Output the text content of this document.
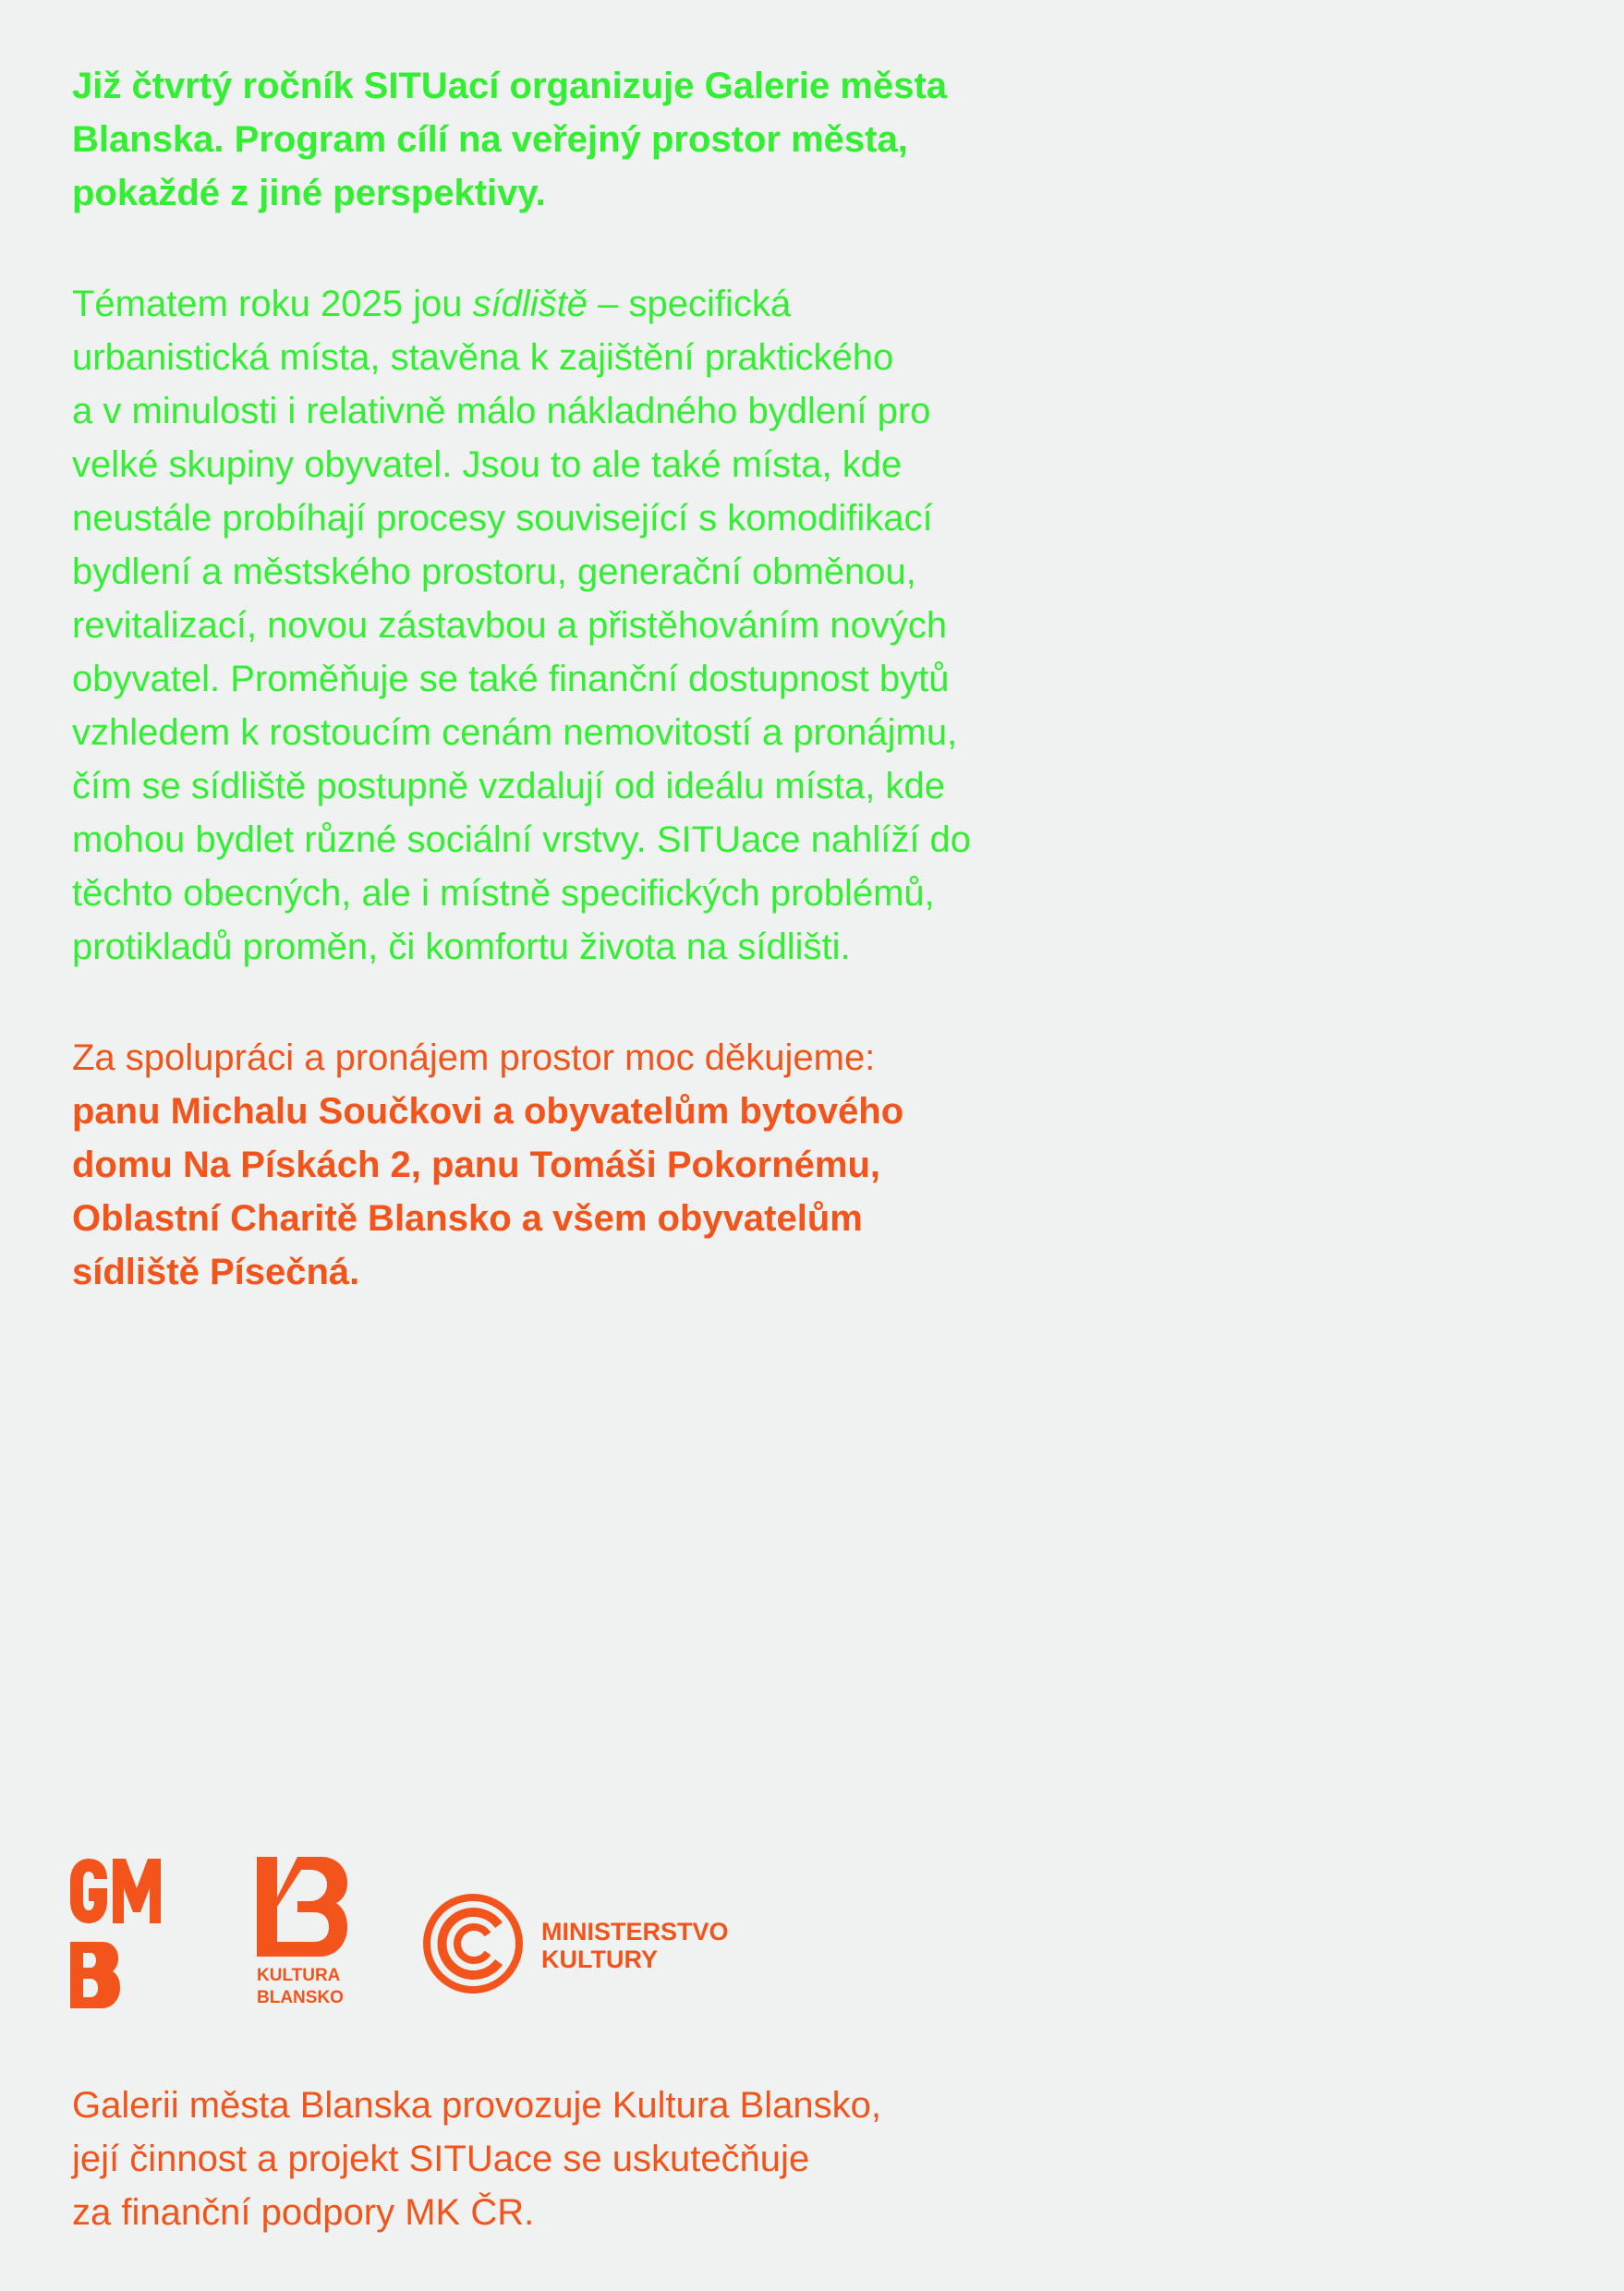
Již čtvrtý ročník SITUací organizuje Galerie města
Blanska. Program cílí na veřejný prostor města,
pokaždé z jiné perspektivy.

Tématem roku 2025 jou sídliště – specifická
urbanistická místa, stavěna k zajištění praktického
a v minulosti i relativně málo nákladného bydlení pro
velké skupiny obyvatel. Jsou to ale také místa, kde
neustále probíhají procesy související s komodifikací
bydlení a městského prostoru, generační obměnou,
revitalizací, novou zástavbou a přistěhováním nových
obyvatel. Proměňuje se také finanční dostupnost bytů
vzhledem k rostoucím cenám nemovitostí a pronájmu,
čím se sídliště postupně vzdalují od ideálu místa, kde
mohou bydlet různé sociální vrstvy. SITUace nahlíží do
těchto obecných, ale i místně specifických problémů,
protikladů proměn, či komfortu života na sídlišti.

Za spolupráci a pronájem prostor moc děkujeme:
panu Michalu Součkovi a obyvatelům bytového
domu Na Pískách 2, panu Tomáši Pokornému,
Oblastní Charitě Blansko a všem obyvatelům
sídliště Písečná.

KULTURA
BLANSKO
MINISTERSTVO
KULTURY

Galerii města Blanska provozuje Kultura Blansko,
její činnost a projekt SITUace se uskutečňuje
za finanční podpory MK ČR.
